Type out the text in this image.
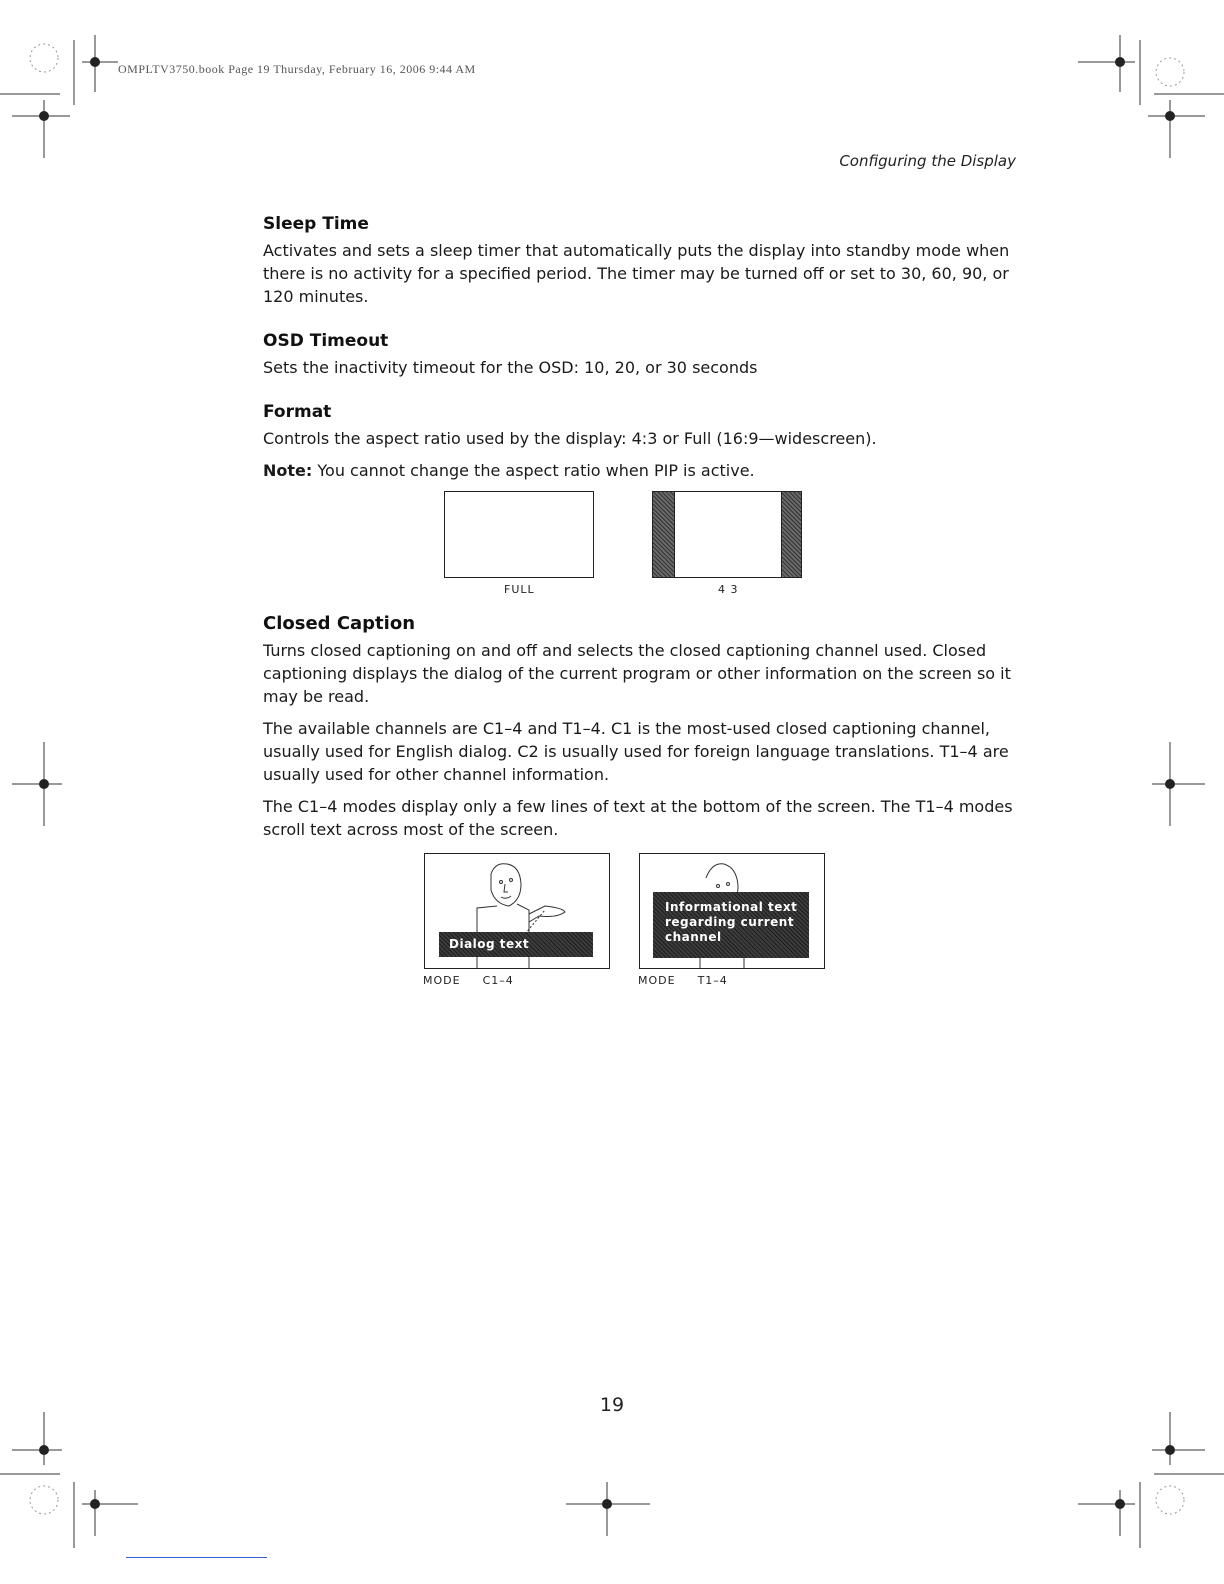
OMPLTV3750.book Page 19 Thursday, February 16, 2006 9:44 AM
Configuring the Display
Sleep Time

Activates and sets a sleep timer that automatically puts the display into standby mode when there is no activity for a specified period. The timer may be turned off or set to 30, 60, 90, or 120 minutes.

OSD Timeout

Sets the inactivity timeout for the OSD: 10, 20, or 30 seconds

Format

Controls the aspect ratio used by the display: 4:3 or Full (16:9—widescreen).

Note: You cannot change the aspect ratio when PIP is active.

FULL	4 3
Closed Caption

Turns closed captioning on and off and selects the closed captioning channel used. Closed captioning displays the dialog of the current program or other information on the screen so it may be read.

The available channels are C1–4 and T1–4. C1 is the most-used closed captioning channel, usually used for English dialog. C2 is usually used for foreign language translations. T1–4 are usually used for other channel information.

The C1–4 modes display only a few lines of text at the bottom of the screen. The T1–4 modes scroll text across most of the screen.

Dialog text
Informational text regarding current channel
MODE C1–4	MODE T1–4
19
